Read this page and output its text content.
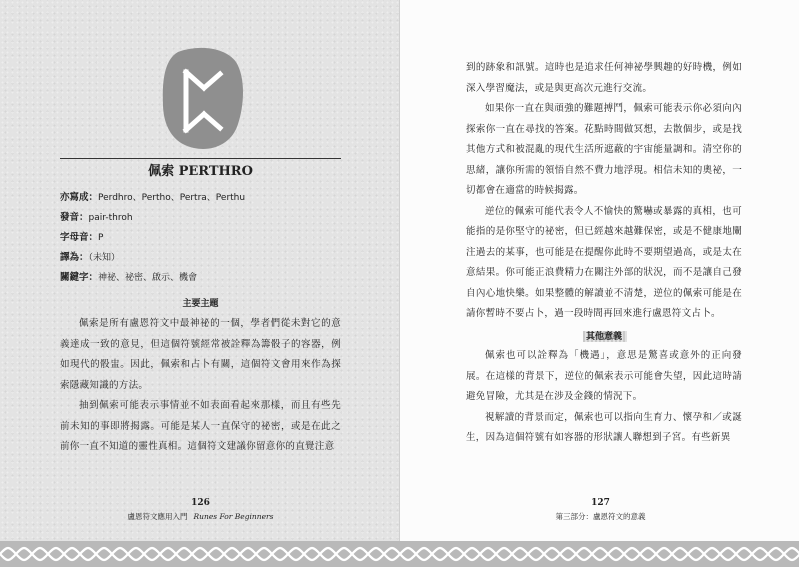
佩索 PERTHRO
亦寫成：Perdhro、Pertho、Pertra、Perthu
發音：pair-throh
字母音：P
譯為：（未知）
關鍵字：神祕、祕密、啟示、機會
主要主題

佩索是所有盧恩符文中最神祕的一個，學者們從未對它的意義達成一致的意見，但這個符號經常被詮釋為籌骰子的容器，例如現代的骰盅。因此，佩索和占卜有關，這個符文會用來作為探索隱藏知識的方法。

抽到佩索可能表示事情並不如表面看起來那樣，而且有些先前未知的事即將揭露。可能是某人一直保守的祕密，或是在此之前你一直不知道的靈性真相。這個符文建議你留意你的直覺注意

126
盧恩符文應用入門 Runes For Beginners

到的跡象和訊號。這時也是追求任何神祕學興趣的好時機，例如深入學習魔法，或是與更高次元進行交流。

如果你一直在與頑強的難題搏鬥，佩索可能表示你必須向內探索你一直在尋找的答案。花點時間做冥想，去散個步，或是找其他方式和被混亂的現代生活所遮蔽的宇宙能量調和。清空你的思緒，讓你所需的領悟自然不費力地浮現。相信未知的奧祕，一切都會在適當的時候揭露。

逆位的佩索可能代表令人不愉快的驚嚇或暴露的真相，也可能指的是你堅守的祕密，但已經越來越難保密，或是不健康地闡注過去的某事，也可能是在提醒你此時不要期望過高，或是太在意結果。你可能正浪費精力在關注外部的狀況，而不是讓自己發自內心地快樂。如果整體的解讀並不清楚，逆位的佩索可能是在請你暫時不要占卜，過一段時間再回來進行盧恩符文占卜。

其他意義

佩索也可以詮釋為「機遇」，意思是驚喜或意外的正向發展。在這樣的背景下，逆位的佩索表示可能會失望，因此這時請避免冒險，尤其是在涉及金錢的情況下。

視解讀的背景而定，佩索也可以指向生育力、懷孕和／或誕生，因為這個符號有如容器的形狀讓人聯想到子宮。有些新異

127
第三部分：盧恩符文的意義
